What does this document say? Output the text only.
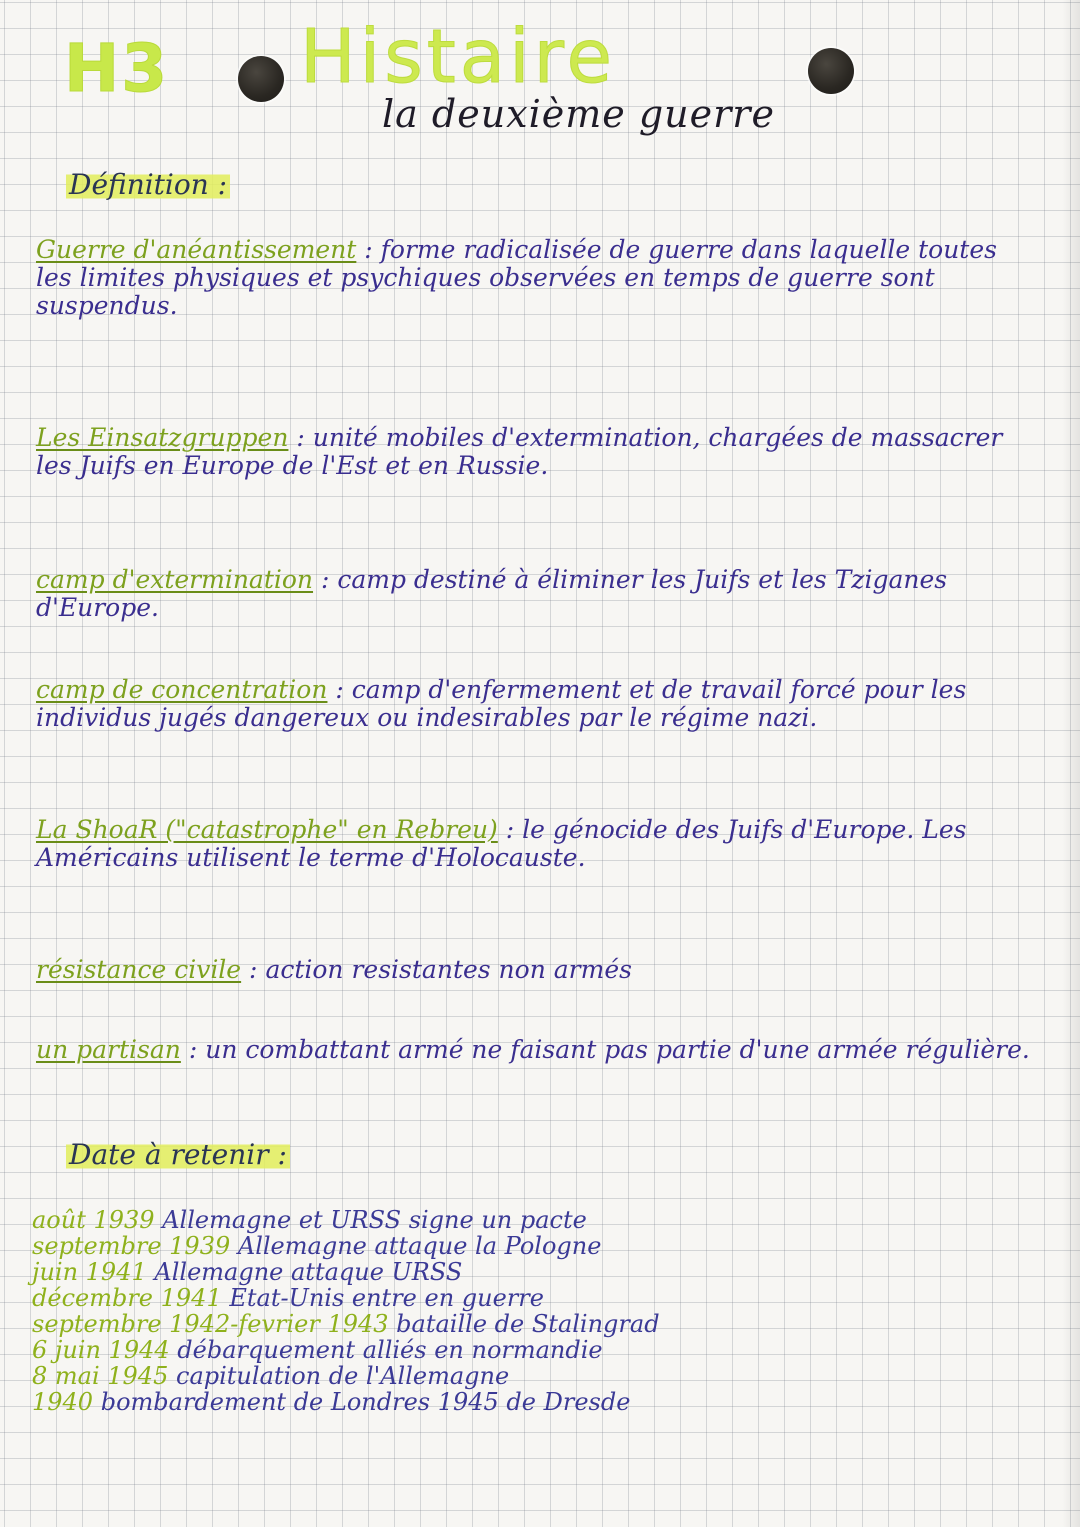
H3 Histaire
la deuxième guerre
Définition :
Guerre d'anéantissement : forme radicalisée de guerre dans laquelle toutes les limites physiques et psychiques observées en temps de guerre sont suspendus.
Les Einsatzgruppen : unité mobiles d'extermination, chargées de massacrer les Juifs en Europe de l'Est et en Russie.
camp d'extermination : camp destiné à éliminer les Juifs et les Tziganes d'Europe.
camp de concentration : camp d'enfermement et de travail forcé pour les individus jugés dangereux ou indesirables par le régime nazi.
La ShoaR ("catastrophe" en Rebreu) : le génocide des Juifs d'Europe. Les Américains utilisent le terme d'Holocauste.
résistance civile : action resistantes non armés
un partisan : un combattant armé ne faisant pas partie d'une armée régulière.
Date à retenir :
août 1939 Allemagne et URSS signe un pacte
septembre 1939 Allemagne attaque la Pologne
juin 1941 Allemagne attaque URSS
décembre 1941 Etat-Unis entre en guerre
septembre 1942-fevrier 1943 bataille de Stalingrad
6 juin 1944 débarquement alliés en normandie
8 mai 1945 capitulation de l'Allemagne
1940 bombardement de Londres 1945 de Dresde
